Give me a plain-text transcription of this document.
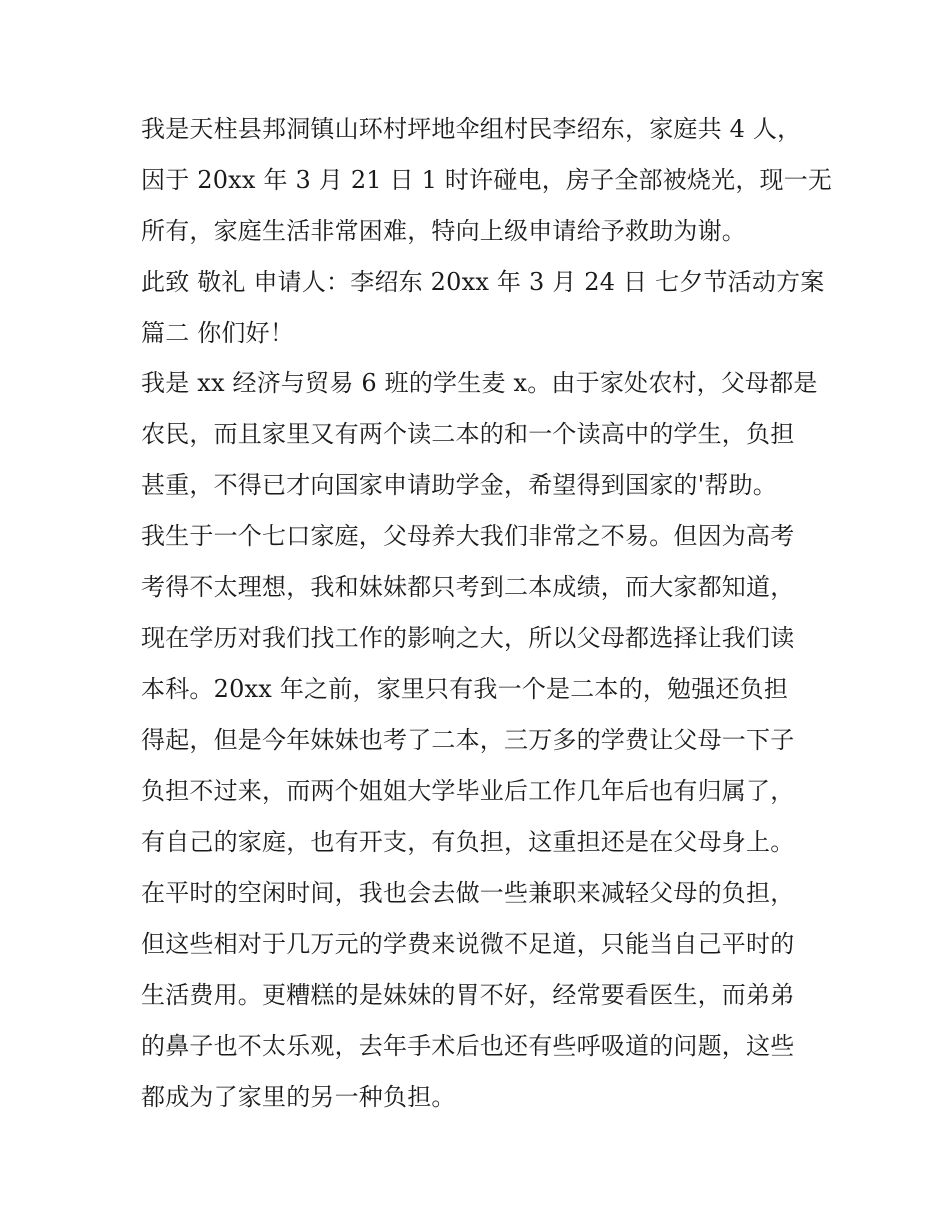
我是天柱县邦洞镇山环村坪地伞组村民李绍东，家庭共 4 人，
因于 20xx 年 3 月 21 日 1 时许碰电，房子全部被烧光，现一无
所有，家庭生活非常困难，特向上级申请给予救助为谢。
此致 敬礼 申请人：李绍东 20xx 年 3 月 24 日 七夕节活动方案
篇二 你们好！
我是 xx 经济与贸易 6 班的学生麦 x。由于家处农村，父母都是
农民，而且家里又有两个读二本的和一个读高中的学生，负担
甚重，不得已才向国家申请助学金，希望得到国家的'帮助。
我生于一个七口家庭，父母养大我们非常之不易。但因为高考
考得不太理想，我和妹妹都只考到二本成绩，而大家都知道，
现在学历对我们找工作的影响之大，所以父母都选择让我们读
本科。20xx 年之前，家里只有我一个是二本的，勉强还负担
得起，但是今年妹妹也考了二本，三万多的学费让父母一下子
负担不过来，而两个姐姐大学毕业后工作几年后也有归属了，
有自己的家庭，也有开支，有负担，这重担还是在父母身上。
在平时的空闲时间，我也会去做一些兼职来减轻父母的负担，
但这些相对于几万元的学费来说微不足道，只能当自己平时的
生活费用。更糟糕的是妹妹的胃不好，经常要看医生，而弟弟
的鼻子也不太乐观，去年手术后也还有些呼吸道的问题，这些
都成为了家里的另一种负担。
